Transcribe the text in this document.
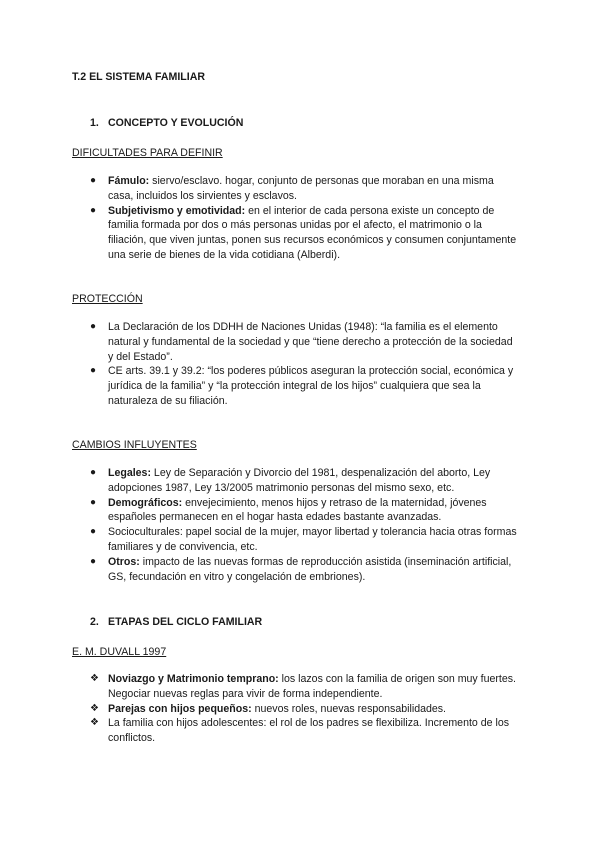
T.2 EL SISTEMA FAMILIAR
1. CONCEPTO Y EVOLUCIÓN
DIFICULTADES PARA DEFINIR
●	Fámulo: siervo/esclavo. hogar, conjunto de personas que moraban en una misma casa, incluidos los sirvientes y esclavos.
●	Subjetivismo y emotividad: en el interior de cada persona existe un concepto de familia formada por dos o más personas unidas por el afecto, el matrimonio o la filiación, que viven juntas, ponen sus recursos económicos y consumen conjuntamente una serie de bienes de la vida cotidiana (Alberdi).
PROTECCIÓN
●	La Declaración de los DDHH de Naciones Unidas (1948): “la familia es el elemento natural y fundamental de la sociedad y que “tiene derecho a protección de la sociedad y del Estado”.
●	CE arts. 39.1 y 39.2: “los poderes públicos aseguran la protección social, económica y jurídica de la familia” y “la protección integral de los hijos” cualquiera que sea la naturaleza de su filiación.
CAMBIOS INFLUYENTES
●	Legales: Ley de Separación y Divorcio del 1981, despenalización del aborto, Ley adopciones 1987, Ley 13/2005 matrimonio personas del mismo sexo, etc.
●	Demográficos: envejecimiento, menos hijos y retraso de la maternidad, jóvenes españoles permanecen en el hogar hasta edades bastante avanzadas.
●	Socioculturales: papel social de la mujer, mayor libertad y tolerancia hacia otras formas familiares y de convivencia, etc.
●	Otros: impacto de las nuevas formas de reproducción asistida (inseminación artificial, GS, fecundación en vitro y congelación de embriones).
2. ETAPAS DEL CICLO FAMILIAR
E. M. DUVALL 1997
❖ Noviazgo y Matrimonio temprano: los lazos con la familia de origen son muy fuertes. Negociar nuevas reglas para vivir de forma independiente.
❖ Parejas con hijos pequeños: nuevos roles, nuevas responsabilidades.
❖ La familia con hijos adolescentes: el rol de los padres se flexibiliza. Incremento de los conflictos.
